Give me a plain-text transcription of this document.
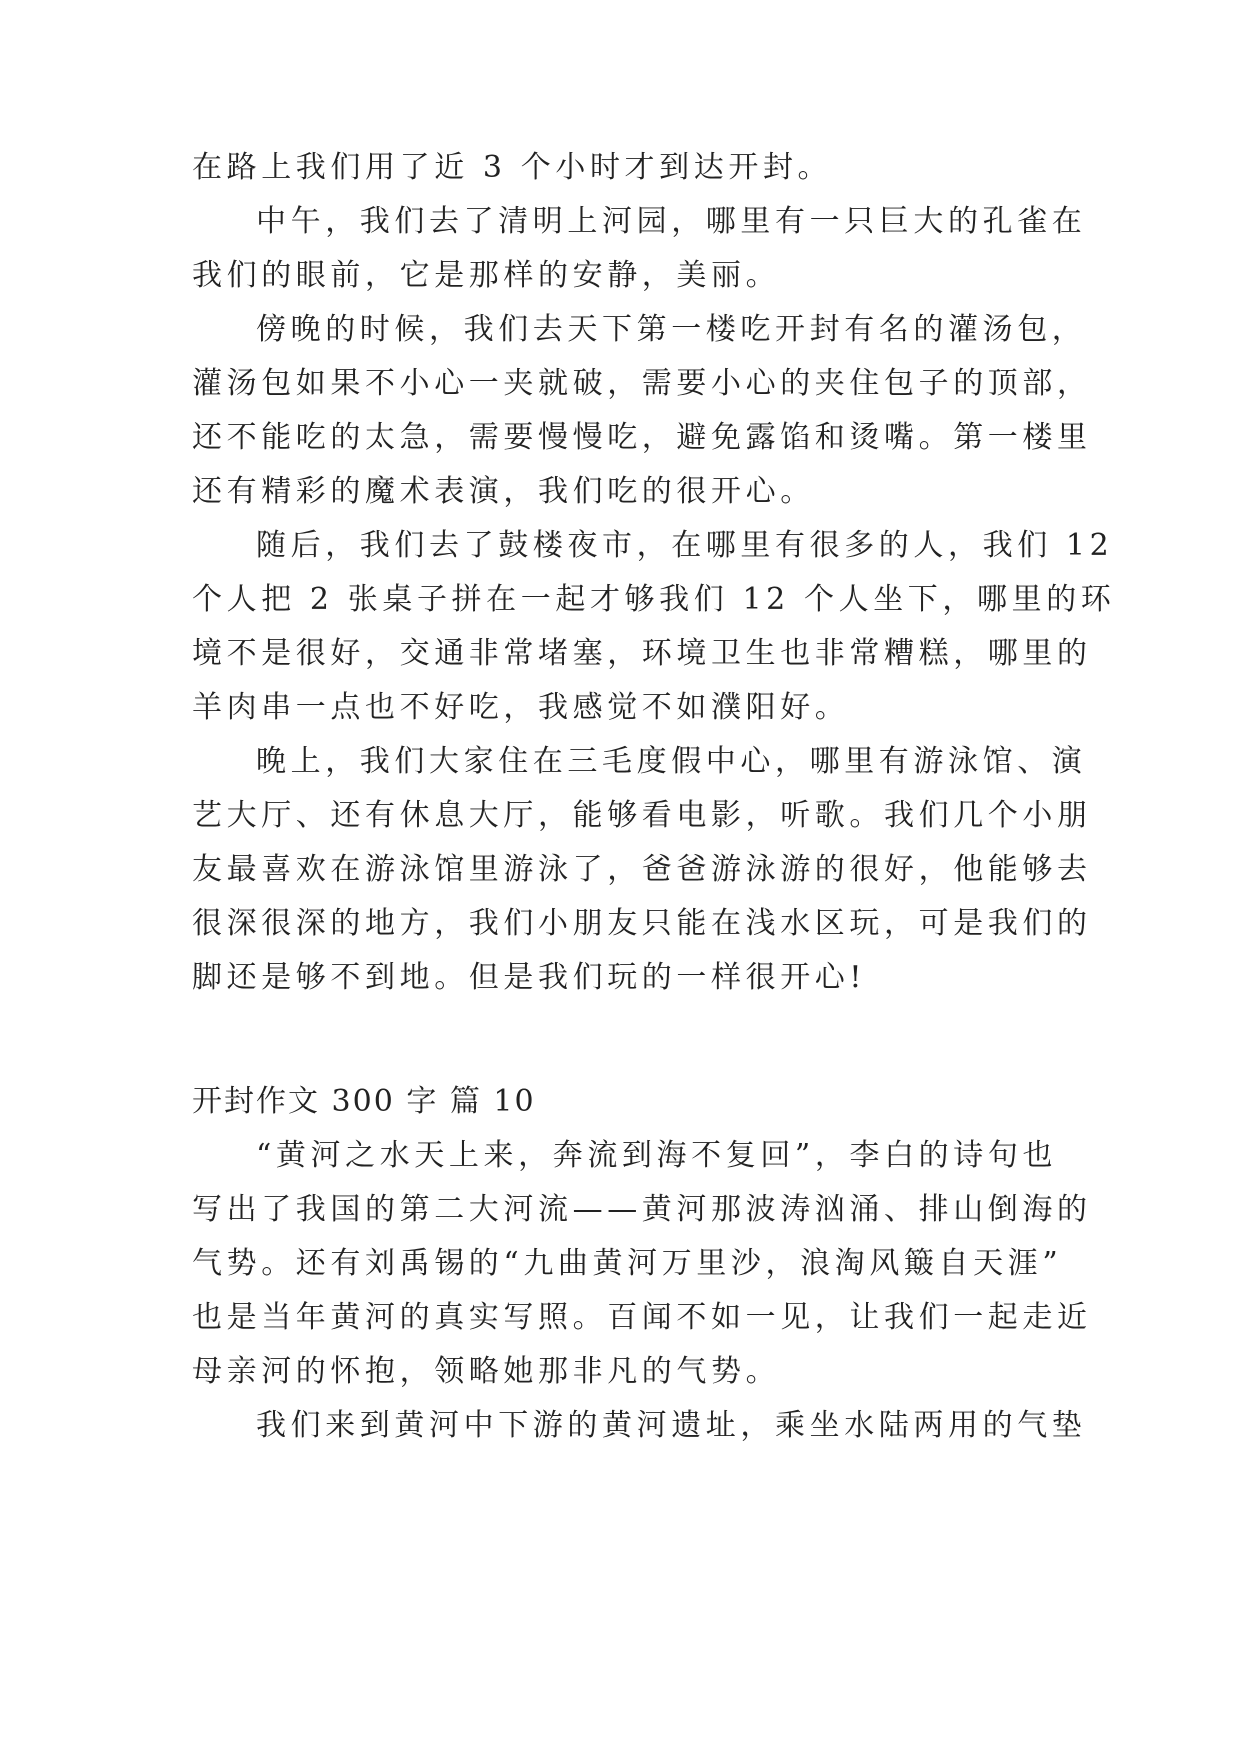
在路上我们用了近 3 个小时才到达开封。
中午，我们去了清明上河园，哪里有一只巨大的孔雀在
我们的眼前，它是那样的安静，美丽。
傍晚的时候，我们去天下第一楼吃开封有名的灌汤包，
灌汤包如果不小心一夹就破，需要小心的夹住包子的顶部，
还不能吃的太急，需要慢慢吃，避免露馅和烫嘴。第一楼里
还有精彩的魔术表演，我们吃的很开心。
随后，我们去了鼓楼夜市，在哪里有很多的人，我们 12
个人把 2 张桌子拼在一起才够我们 12 个人坐下，哪里的环
境不是很好，交通非常堵塞，环境卫生也非常糟糕，哪里的
羊肉串一点也不好吃，我感觉不如濮阳好。
晚上，我们大家住在三毛度假中心，哪里有游泳馆、演
艺大厅、还有休息大厅，能够看电影，听歌。我们几个小朋
友最喜欢在游泳馆里游泳了，爸爸游泳游的很好，他能够去
很深很深的地方，我们小朋友只能在浅水区玩，可是我们的
脚还是够不到地。但是我们玩的一样很开心!
开封作文 300 字 篇 10
“黄河之水天上来，奔流到海不复回”，李白的诗句也
写出了我国的第二大河流——黄河那波涛汹涌、排山倒海的
气势。还有刘禹锡的“九曲黄河万里沙，浪淘风簸自天涯”
也是当年黄河的真实写照。百闻不如一见，让我们一起走近
母亲河的怀抱，领略她那非凡的气势。
我们来到黄河中下游的黄河遗址，乘坐水陆两用的气垫
